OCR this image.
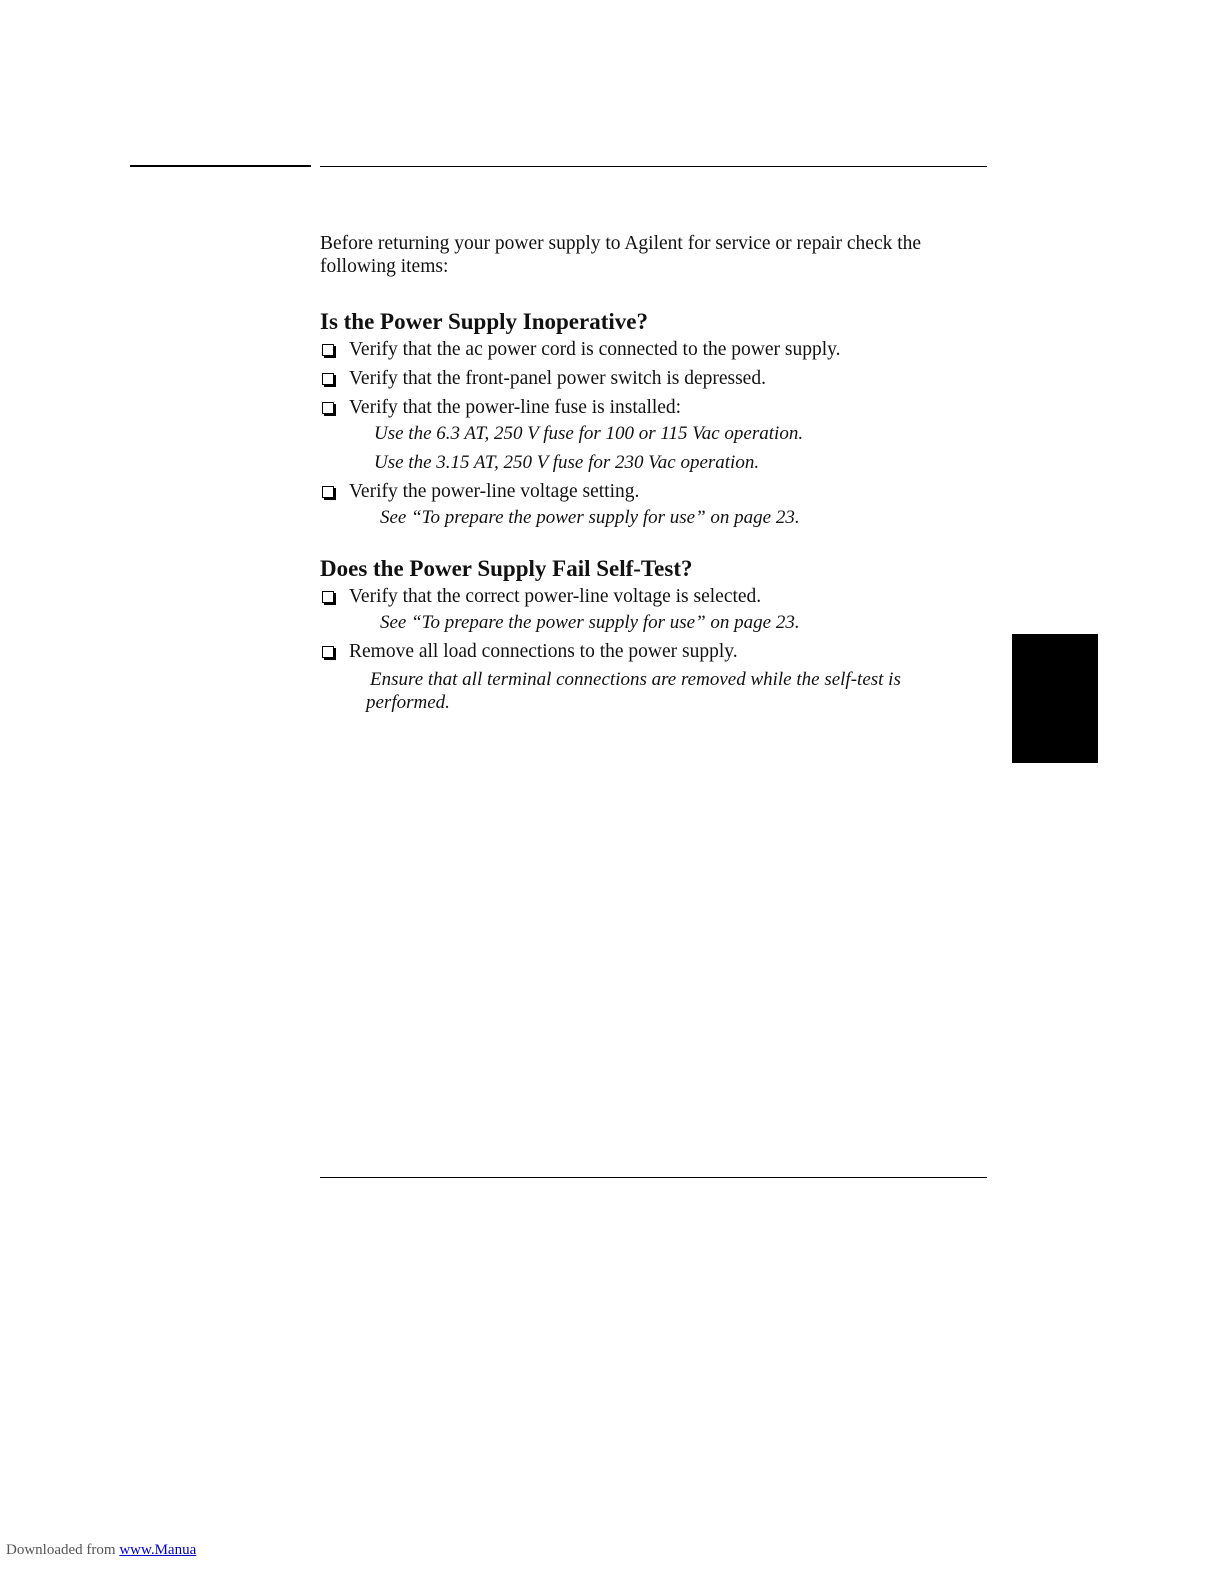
Before returning your power supply to Agilent for service or repair check the following items:

Is the Power Supply Inoperative?
Verify that the ac power cord is connected to the power supply.
Verify that the front-panel power switch is depressed.
Verify that the power-line fuse is installed:
Use the 6.3 AT, 250 V fuse for 100 or 115 Vac operation.
Use the 3.15 AT, 250 V fuse for 230 Vac operation.
Verify the power-line voltage setting.
See “To prepare the power supply for use” on page 23.
Does the Power Supply Fail Self-Test?
Verify that the correct power-line voltage is selected.
See “To prepare the power supply for use” on page 23.
Remove all load connections to the power supply.
Ensure that all terminal connections are removed while the self-test is performed.
Downloaded from www.Manua
